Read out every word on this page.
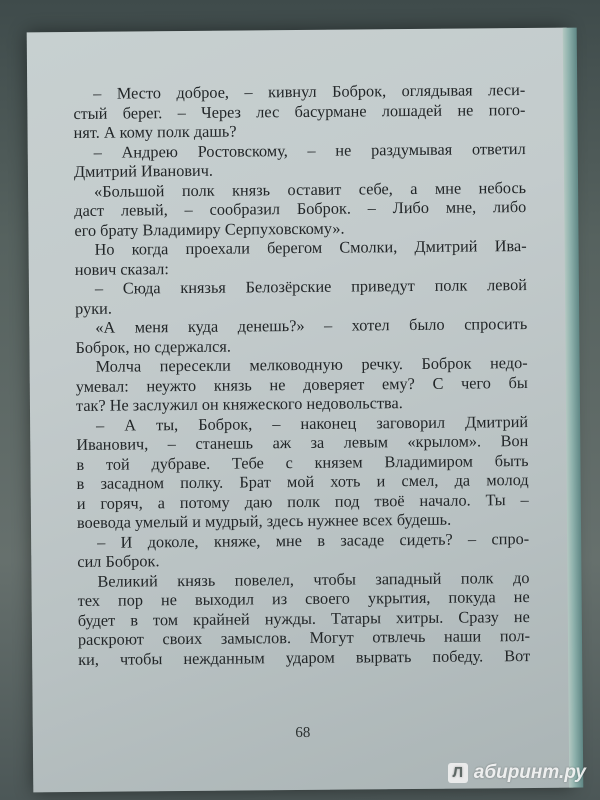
– Место доброе, – кивнул Боброк, оглядывая леси-
стый берег. – Через лес басурмане лошадей не пого-
нят. А кому полк дашь?
– Андрею Ростовскому, – не раздумывая ответил
Дмитрий Иванович.
«Большой полк князь оставит себе, а мне небось
даст левый, – сообразил Боброк. – Либо мне, либо
его брату Владимиру Серпуховскому».
Но когда проехали берегом Смолки, Дмитрий Ива-
нович сказал:
– Сюда князья Белозёрские приведут полк левой
руки.
«А меня куда денешь?» – хотел было спросить
Боброк, но сдержался.
Молча пересекли мелководную речку. Боброк недо-
умевал: неужто князь не доверяет ему? С чего бы
так? Не заслужил он княжеского недовольства.
– А ты, Боброк, – наконец заговорил Дмитрий
Иванович, – станешь аж за левым «крылом». Вон
в той дубраве. Тебе с князем Владимиром быть
в засадном полку. Брат мой хоть и смел, да молод
и горяч, а потому даю полк под твоё начало. Ты –
воевода умелый и мудрый, здесь нужнее всех будешь.
– И доколе, княже, мне в засаде сидеть? – спро-
сил Боброк.
Великий князь повелел, чтобы западный полк до
тех пор не выходил из своего укрытия, покуда не
будет в том крайней нужды. Татары хитры. Сразу не
раскроют своих замыслов. Могут отвлечь наши пол-
ки, чтобы нежданным ударом вырвать победу. Вот
68
Л абиринт.ру
